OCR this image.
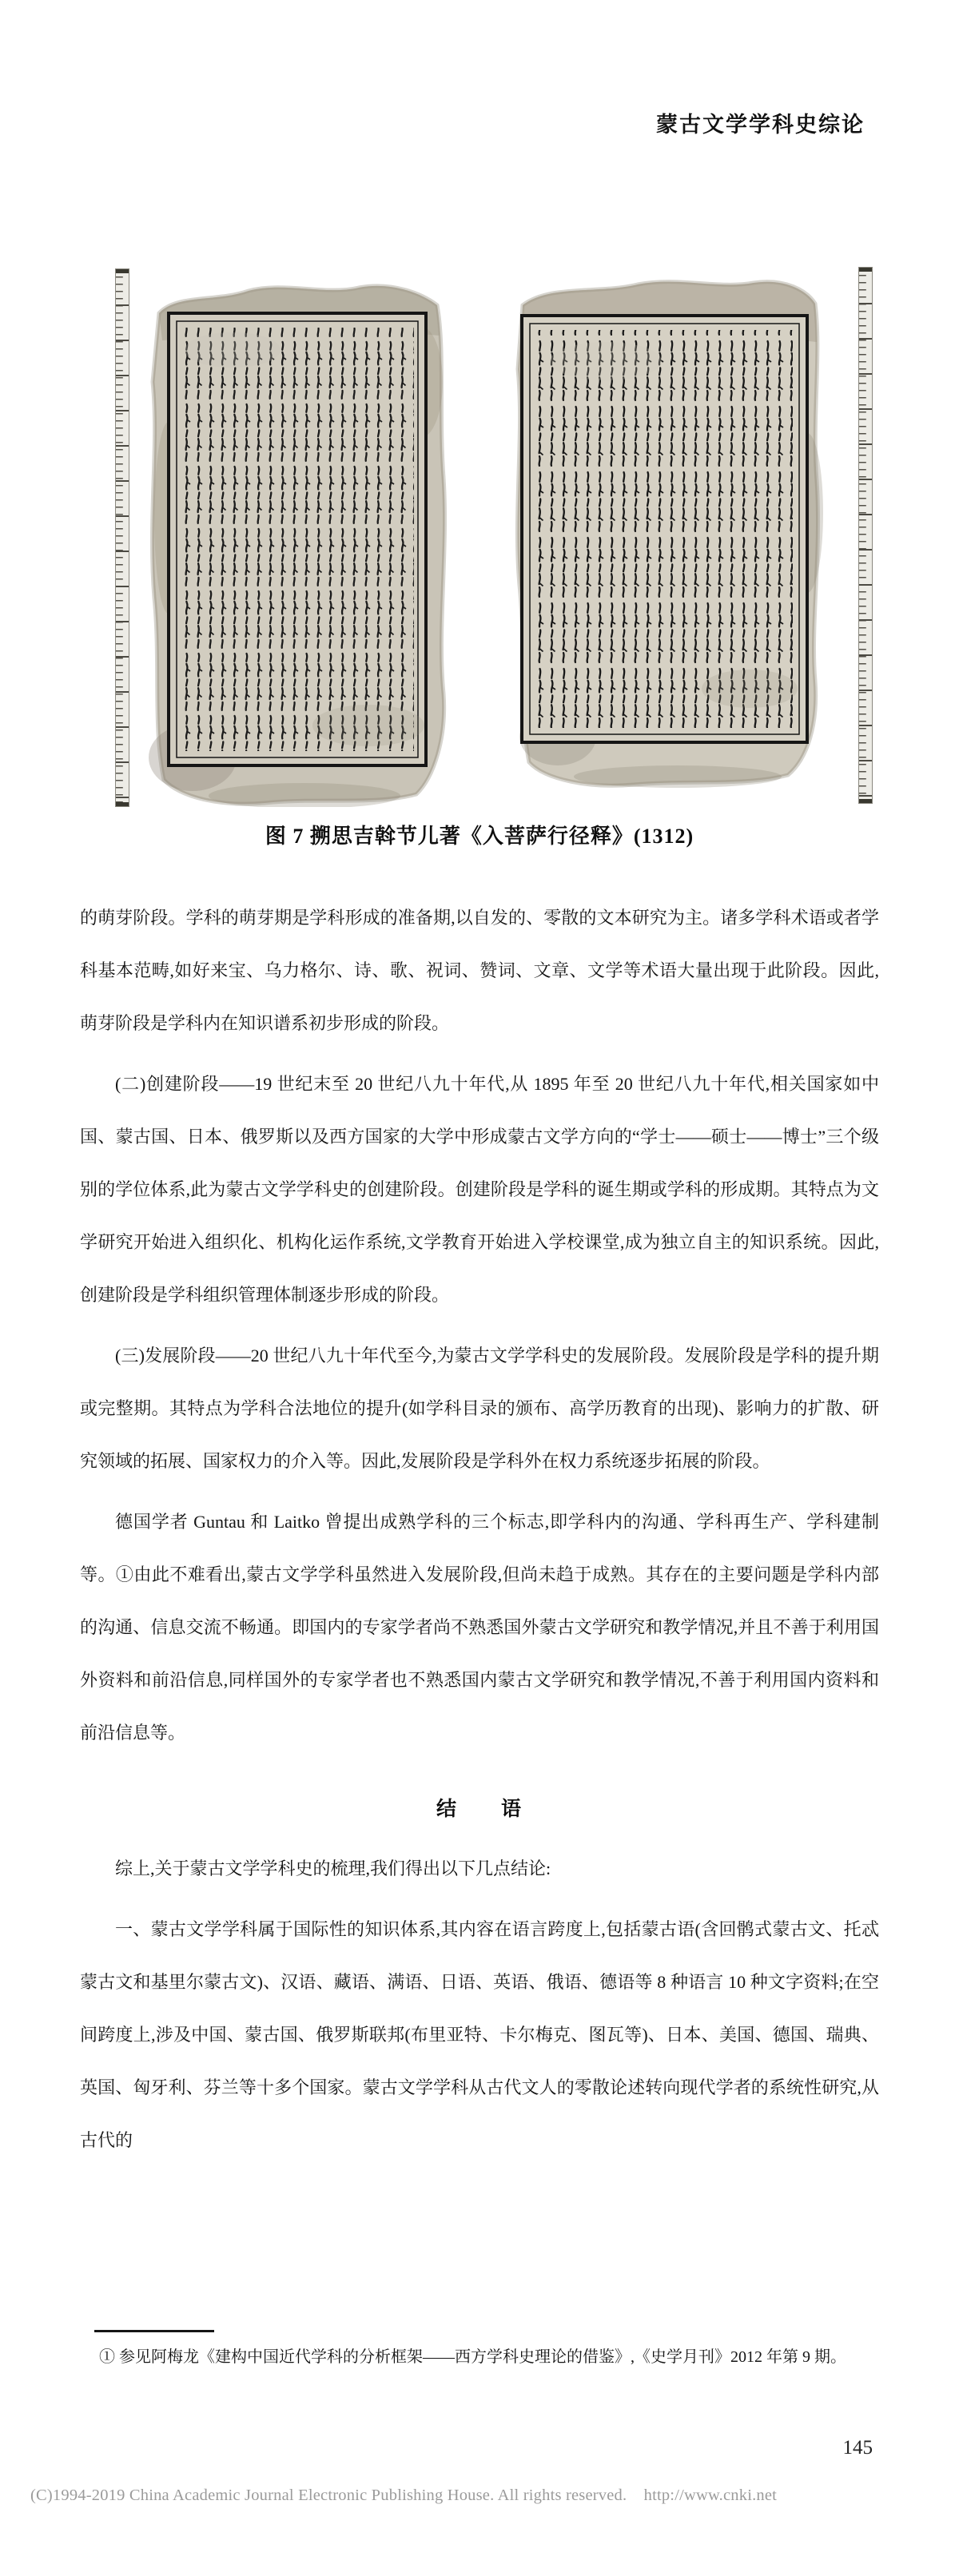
蒙古文学学科史综论
图 7 搠思吉斡节儿著《入菩萨行径释》(1312)

的萌芽阶段。学科的萌芽期是学科形成的准备期,以自发的、零散的文本研究为主。诸多学科术语或者学科基本范畴,如好来宝、乌力格尔、诗、歌、祝词、赞词、文章、文学等术语大量出现于此阶段。因此,萌芽阶段是学科内在知识谱系初步形成的阶段。

(二)创建阶段——19 世纪末至 20 世纪八九十年代,从 1895 年至 20 世纪八九十年代,相关国家如中国、蒙古国、日本、俄罗斯以及西方国家的大学中形成蒙古文学方向的“学士——硕士——博士”三个级别的学位体系,此为蒙古文学学科史的创建阶段。创建阶段是学科的诞生期或学科的形成期。其特点为文学研究开始进入组织化、机构化运作系统,文学教育开始进入学校课堂,成为独立自主的知识系统。因此,创建阶段是学科组织管理体制逐步形成的阶段。

(三)发展阶段——20 世纪八九十年代至今,为蒙古文学学科史的发展阶段。发展阶段是学科的提升期或完整期。其特点为学科合法地位的提升(如学科目录的颁布、高学历教育的出现)、影响力的扩散、研究领域的拓展、国家权力的介入等。因此,发展阶段是学科外在权力系统逐步拓展的阶段。

德国学者 Guntau 和 Laitko 曾提出成熟学科的三个标志,即学科内的沟通、学科再生产、学科建制等。①由此不难看出,蒙古文学学科虽然进入发展阶段,但尚未趋于成熟。其存在的主要问题是学科内部的沟通、信息交流不畅通。即国内的专家学者尚不熟悉国外蒙古文学研究和教学情况,并且不善于利用国外资料和前沿信息,同样国外的专家学者也不熟悉国内蒙古文学研究和教学情况,不善于利用国内资料和前沿信息等。

结　　语

综上,关于蒙古文学学科史的梳理,我们得出以下几点结论:

一、蒙古文学学科属于国际性的知识体系,其内容在语言跨度上,包括蒙古语(含回鹘式蒙古文、托忒蒙古文和基里尔蒙古文)、汉语、藏语、满语、日语、英语、俄语、德语等 8 种语言 10 种文字资料;在空间跨度上,涉及中国、蒙古国、俄罗斯联邦(布里亚特、卡尔梅克、图瓦等)、日本、美国、德国、瑞典、英国、匈牙利、芬兰等十多个国家。蒙古文学学科从古代文人的零散论述转向现代学者的系统性研究,从古代的

① 参见阿梅龙《建构中国近代学科的分析框架——西方学科史理论的借鉴》,《史学月刊》2012 年第 9 期。
145
(C)1994-2019 China Academic Journal Electronic Publishing House. All rights reserved.    http://www.cnki.net
